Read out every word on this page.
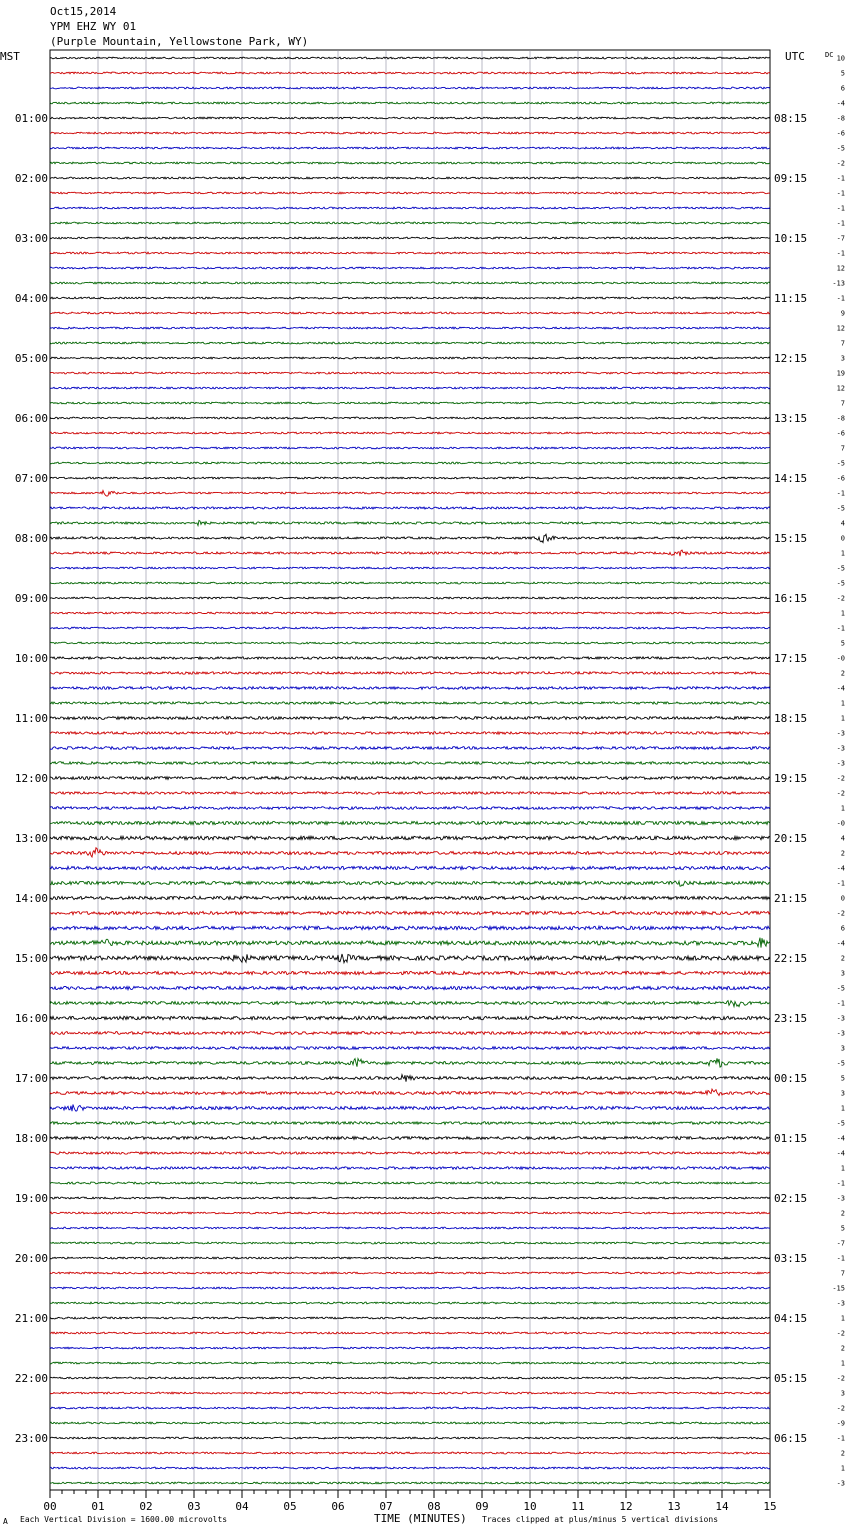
Oct15,2014
YPM EHZ WY 01
(Purple Mountain, Yellowstone Park, WY)
MST	UTC	DC 10
5
6
-4
-8
-6
-5
-2
-1
-1
-1
-1
-7
-1
12
-13
-1
9
12
7
3
19
12
7
-8
-6
7
-5
-6
-1
-5
4
0
1
-5
-5
-2
1
-1
5
-0
2
-4
1
1
-3
-3
-3
-2
-2
1
-0
4
2
-4
-1
0
-2
6
-4
2
3
-5
-1
-3
-3
3
-5
5
3
1
-5
-4
-4
1
-1
-3
2
5
-7
-1
7
-15
-3
1
-2
2
1
-2
3
-2
-9
-1
2
1
-3
01:00	08:15
02:00	09:15
03:00	10:15
04:00	11:15
05:00	12:15
06:00	13:15
07:00	14:15
08:00	15:15
09:00	16:15
10:00	17:15
11:00	18:15
12:00	19:15
13:00	20:15
14:00	21:15
15:00	22:15
16:00	23:15
17:00	00:15
18:00	01:15
19:00	02:15
20:00	03:15
21:00	04:15
22:00	05:15
23:00	06:15
00	01	02	03	04	05	06	07	08	09	10	11	12	13	14	15
A Each Vertical Division = 1600.00 microvolts	TIME (MINUTES) Traces clipped at plus/minus 5 vertical divisions
